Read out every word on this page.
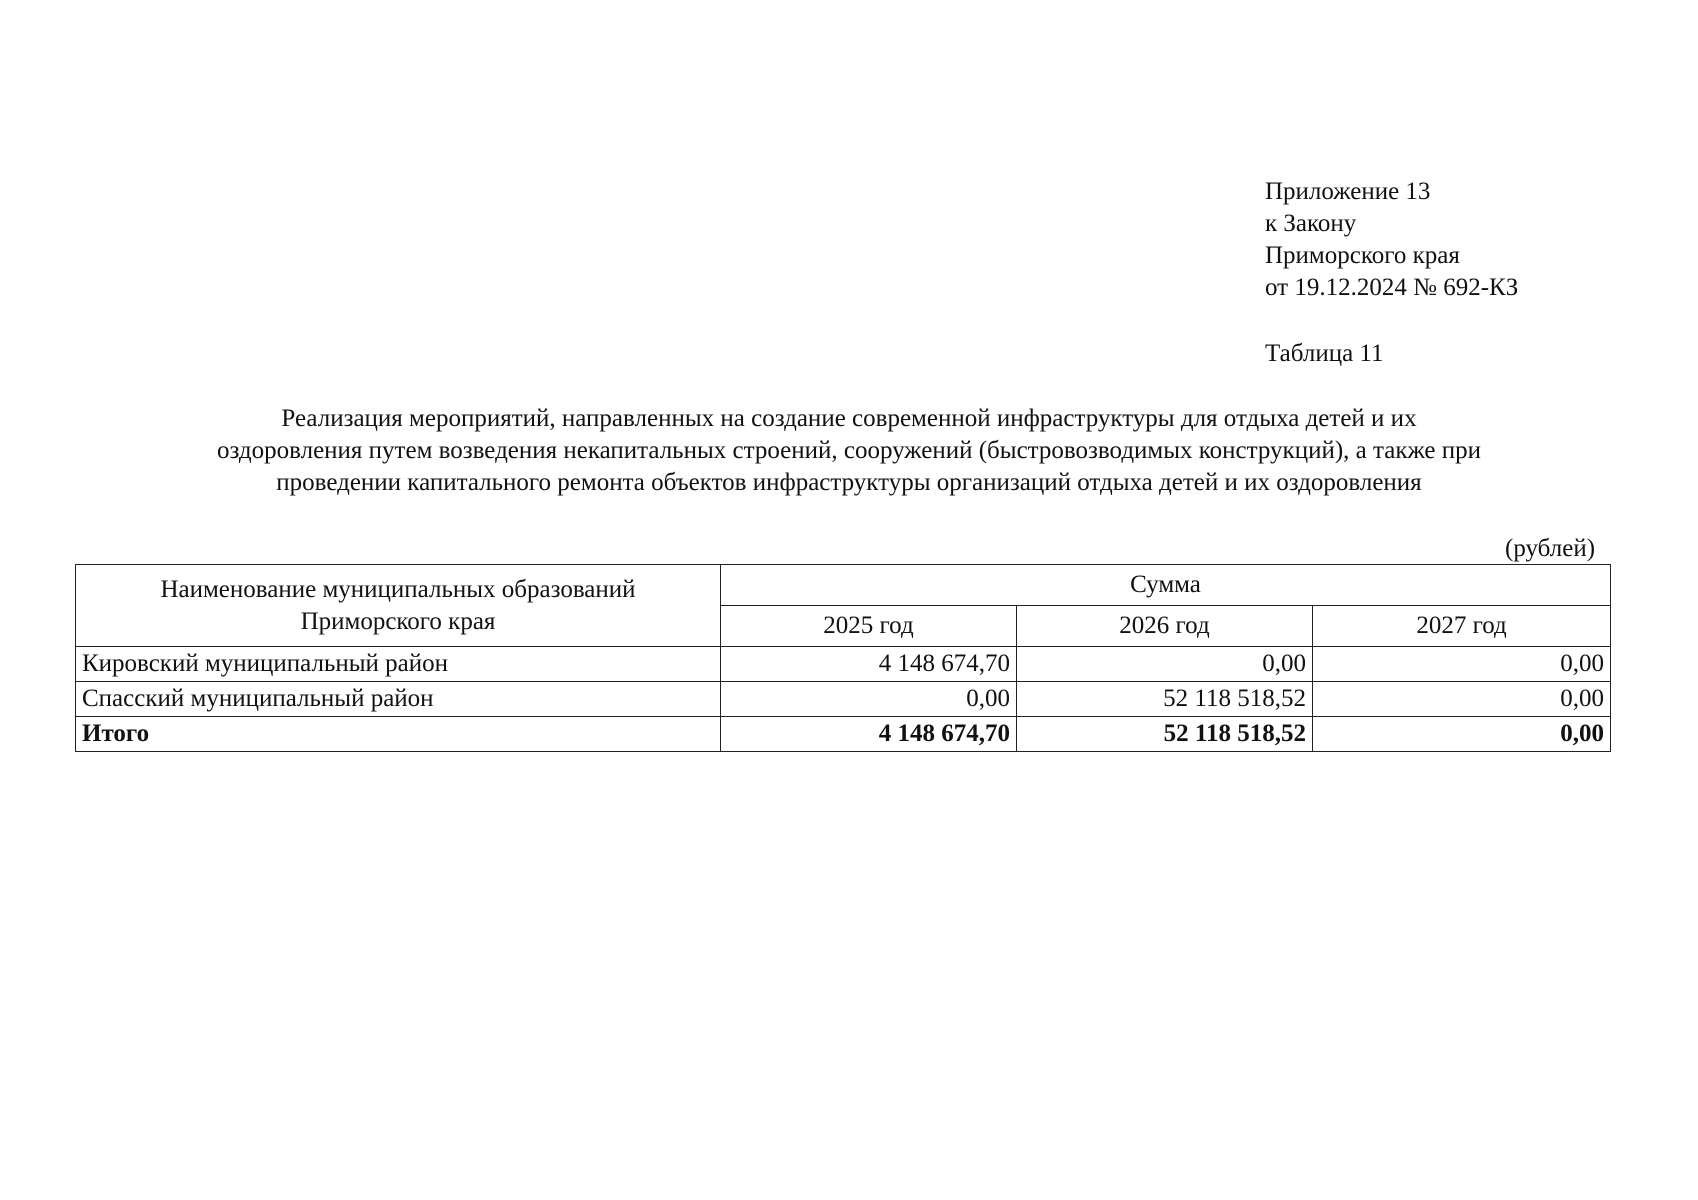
Приложение 13
к Закону
Приморского края
от 19.12.2024 № 692-КЗ
Таблица 11
Реализация мероприятий, направленных на создание современной инфраструктуры для отдыха детей и их
оздоровления путем возведения некапитальных строений, сооружений (быстровозводимых конструкций), а также при
проведении капитального ремонта объектов инфраструктуры организаций отдыха детей и их оздоровления
(рублей)
Наименование муниципальных образований
Приморского края	Сумма		
	2025 год	2026 год	2027 год
Кировский муниципальный район	4 148 674,70	0,00	0,00
Спасский муниципальный район	0,00	52 118 518,52	0,00
Итого	4 148 674,70	52 118 518,52	0,00
